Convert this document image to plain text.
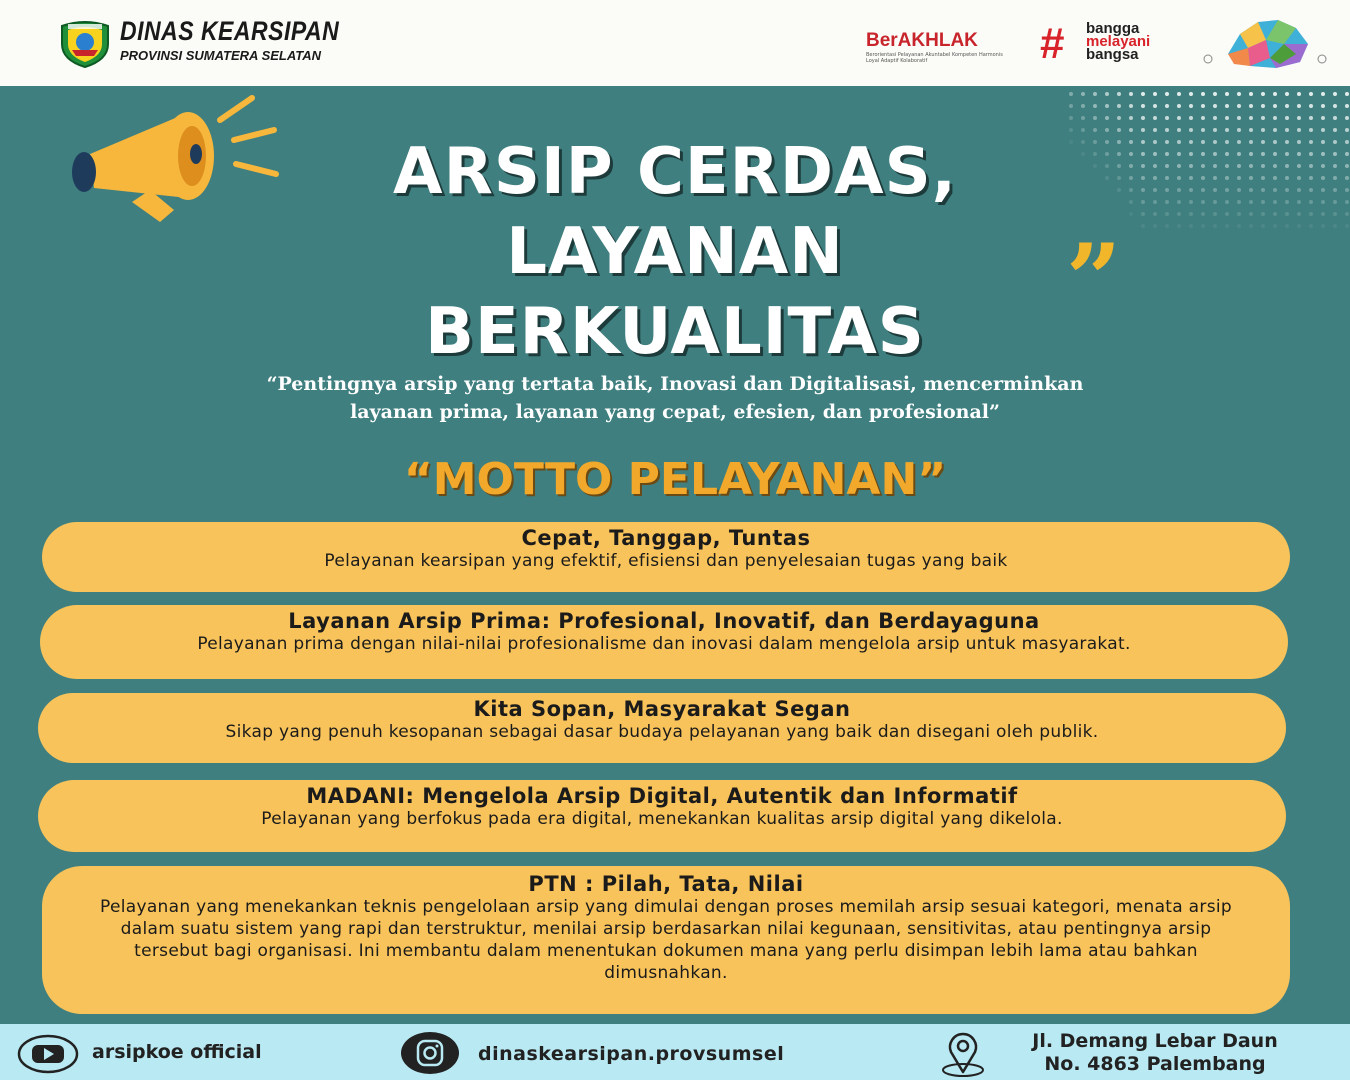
DINAS KEARSIPAN
PROVINSI SUMATERA SELATAN
BerAKHLAK
Berorientasi Pelayanan Akuntabel Kompeten Harmonis Loyal Adaptif Kolaboratif	# bangga
melayani
bangsa
ARSIP CERDAS,
LAYANAN
BERKUALITAS	”
“Pentingnya arsip yang tertata baik, Inovasi dan Digitalisasi, mencerminkan
layanan prima, layanan yang cepat, efesien, dan profesional”
“MOTTO PELAYANAN”
Cepat, Tanggap, Tuntas
Pelayanan kearsipan yang efektif, efisiensi dan penyelesaian tugas yang baik
Layanan Arsip Prima: Profesional, Inovatif, dan Berdayaguna
Pelayanan prima dengan nilai-nilai profesionalisme dan inovasi dalam mengelola arsip untuk masyarakat.
Kita Sopan, Masyarakat Segan
Sikap yang penuh kesopanan sebagai dasar budaya pelayanan yang baik dan disegani oleh publik.
MADANI: Mengelola Arsip Digital, Autentik dan Informatif
Pelayanan yang berfokus pada era digital, menekankan kualitas arsip digital yang dikelola.
PTN : Pilah, Tata, Nilai
Pelayanan yang menekankan teknis pengelolaan arsip yang dimulai dengan proses memilah arsip sesuai kategori, menata arsip dalam suatu sistem yang rapi dan terstruktur, menilai arsip berdasarkan nilai kegunaan, sensitivitas, atau pentingnya arsip tersebut bagi organisasi. Ini membantu dalam menentukan dokumen mana yang perlu disimpan lebih lama atau bahkan dimusnahkan.
arsipkoe official	dinaskearsipan.provsumsel
Jl. Demang Lebar Daun
No. 4863 Palembang
